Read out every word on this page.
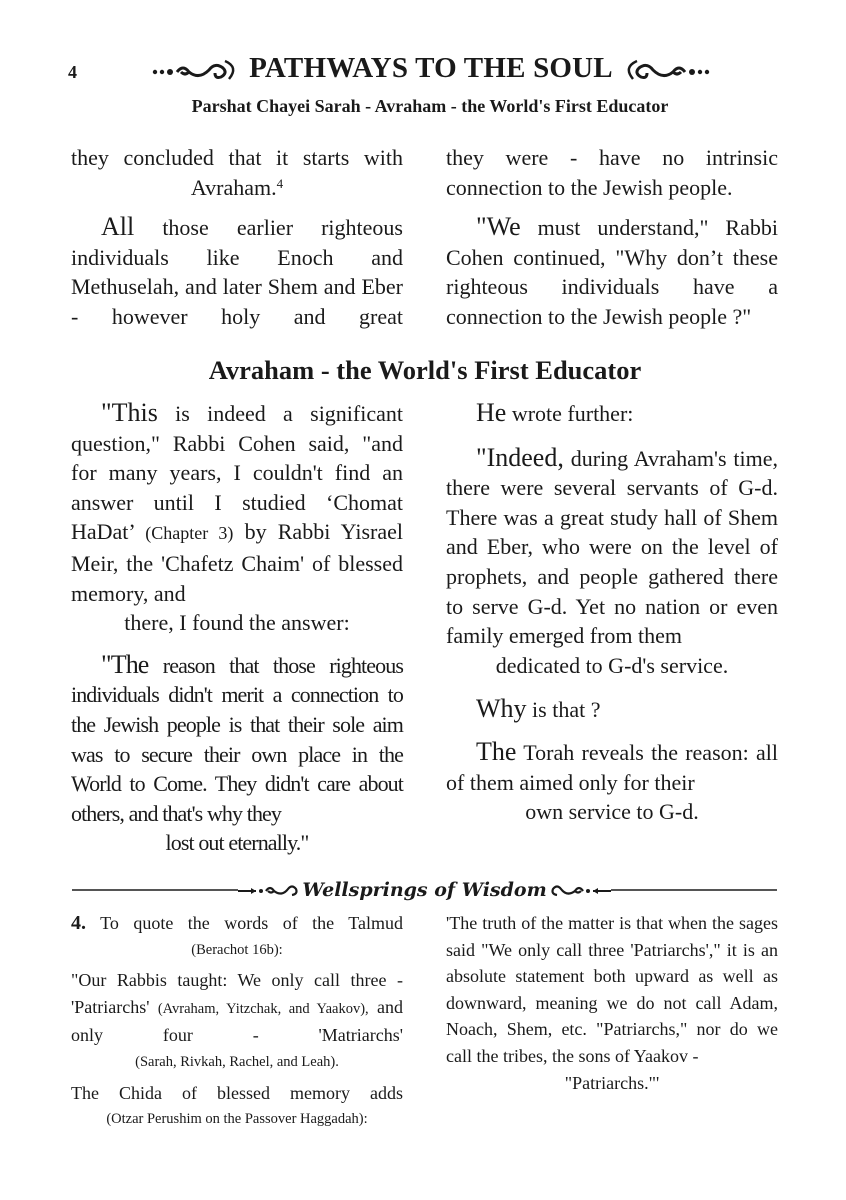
4	PATHWAYS TO THE SOUL
Parshat Chayei Sarah - Avraham - the World's First Educator

they concluded that it starts with
Avraham.$^4$

All those earlier righteous individuals like Enoch and Methuselah, and later Shem and Eber - however holy and great

they were - have no intrinsic connection to the Jewish people.

"We must understand," Rabbi Cohen continued, "Why don’t these righteous individuals have a connection to the Jewish people ?"

Avraham - the World's First Educator

"This is indeed a significant question," Rabbi Cohen said, "and for many years, I couldn't find an answer until I studied ‘Chomat HaDat’ (Chapter 3) by Rabbi Yisrael Meir, the 'Chafetz Chaim' of blessed memory, and

there, I found the answer:

"The reason that those righteous individuals didn't merit a connection to the Jewish people is that their sole aim was to secure their own place in the World to Come. They didn't care about others, and that's why they

lost out eternally."

He wrote further:

"Indeed, during Avraham's time, there were several servants of G-d. There was a great study hall of Shem and Eber, who were on the level of prophets, and people gathered there to serve G-d. Yet no nation or even family emerged from them

dedicated to G-d's service.

Why is that ?

The Torah reveals the reason: all of them aimed only for their

own service to G-d.

Wellsprings of Wisdom

4. To quote the words of the Talmud

(Berachot 16b):

"Our Rabbis taught: We only call three - 'Patriarchs' (Avraham, Yitzchak, and Yaakov), and only four - 'Matriarchs'

(Sarah, Rivkah, Rachel, and Leah).

The Chida of blessed memory adds

(Otzar Perushim on the Passover Haggadah):

'The truth of the matter is that when the sages said "We only call three 'Patriarchs'," it is an absolute statement both upward as well as downward, meaning we do not call Adam, Noach, Shem, etc. "Patriarchs," nor do we call the tribes, the sons of Yaakov -

"Patriarchs."'
